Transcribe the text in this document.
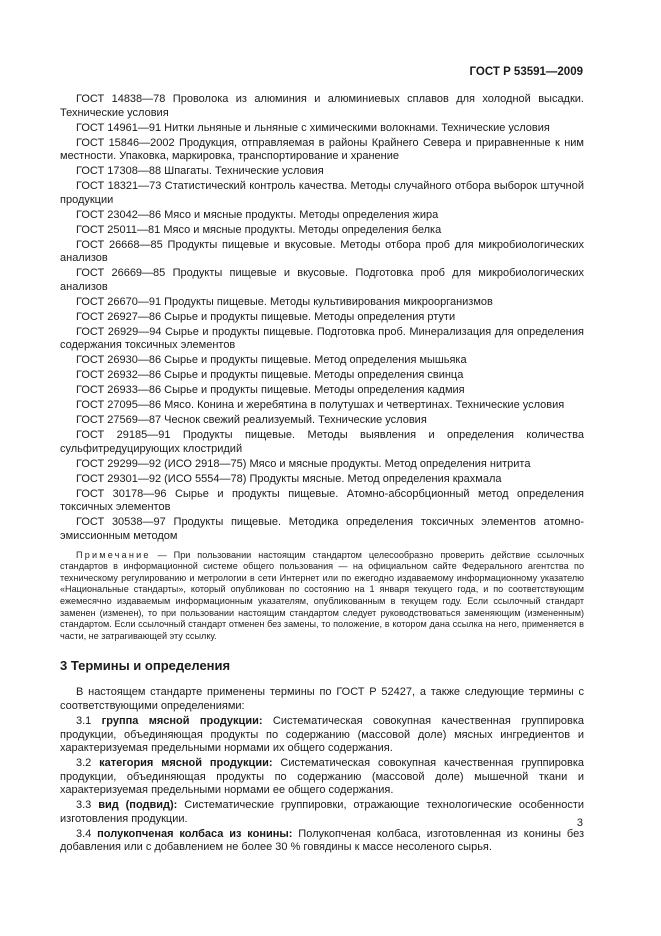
ГОСТ Р 53591—2009
ГОСТ 14838—78 Проволока из алюминия и алюминиевых сплавов для холодной высадки. Технические условия
ГОСТ 14961—91 Нитки льняные и льняные с химическими волокнами. Технические условия
ГОСТ 15846—2002 Продукция, отправляемая в районы Крайнего Севера и приравненные к ним местности. Упаковка, маркировка, транспортирование и хранение
ГОСТ 17308—88 Шпагаты. Технические условия
ГОСТ 18321—73 Статистический контроль качества. Методы случайного отбора выборок штучной продукции
ГОСТ 23042—86 Мясо и мясные продукты. Методы определения жира
ГОСТ 25011—81 Мясо и мясные продукты. Методы определения белка
ГОСТ 26668—85 Продукты пищевые и вкусовые. Методы отбора проб для микробиологических анализов
ГОСТ 26669—85 Продукты пищевые и вкусовые. Подготовка проб для микробиологических анализов
ГОСТ 26670—91 Продукты пищевые. Методы культивирования микроорганизмов
ГОСТ 26927—86 Сырье и продукты пищевые. Методы определения ртути
ГОСТ 26929—94 Сырье и продукты пищевые. Подготовка проб. Минерализация для определения содержания токсичных элементов
ГОСТ 26930—86 Сырье и продукты пищевые. Метод определения мышьяка
ГОСТ 26932—86 Сырье и продукты пищевые. Методы определения свинца
ГОСТ 26933—86 Сырье и продукты пищевые. Методы определения кадмия
ГОСТ 27095—86 Мясо. Конина и жеребятина в полутушах и четвертинах. Технические условия
ГОСТ 27569—87 Чеснок свежий реализуемый. Технические условия
ГОСТ 29185—91 Продукты пищевые. Методы выявления и определения количества сульфитредуцирующих клостридий
ГОСТ 29299—92 (ИСО 2918—75) Мясо и мясные продукты. Метод определения нитрита
ГОСТ 29301—92 (ИСО 5554—78) Продукты мясные. Метод определения крахмала
ГОСТ 30178—96 Сырье и продукты пищевые. Атомно-абсорбционный метод определения токсичных элементов
ГОСТ 30538—97 Продукты пищевые. Методика определения токсичных элементов атомно-эмиссионным методом
Примечание — При пользовании настоящим стандартом целесообразно проверить действие ссылочных стандартов в информационной системе общего пользования — на официальном сайте Федерального агентства по техническому регулированию и метрологии в сети Интернет или по ежегодно издаваемому информационному указателю «Национальные стандарты», который опубликован по состоянию на 1 января текущего года, и по соответствующим ежемесячно издаваемым информационным указателям, опубликованным в текущем году. Если ссылочный стандарт заменен (изменен), то при пользовании настоящим стандартом следует руководствоваться заменяющим (измененным) стандартом. Если ссылочный стандарт отменен без замены, то положение, в котором дана ссылка на него, применяется в части, не затрагивающей эту ссылку.
3 Термины и определения
В настоящем стандарте применены термины по ГОСТ Р 52427, а также следующие термины с соответствующими определениями:
3.1 группа мясной продукции: Систематическая совокупная качественная группировка продукции, объединяющая продукты по содержанию (массовой доле) мясных ингредиентов и характеризуемая предельными нормами их общего содержания.
3.2 категория мясной продукции: Систематическая совокупная качественная группировка продукции, объединяющая продукты по содержанию (массовой доле) мышечной ткани и характеризуемая предельными нормами ее общего содержания.
3.3 вид (подвид): Систематические группировки, отражающие технологические особенности изготовления продукции.
3.4 полукопченая колбаса из конины: Полукопченая колбаса, изготовленная из конины без добавления или с добавлением не более 30 % говядины к массе несоленого сырья.
3
